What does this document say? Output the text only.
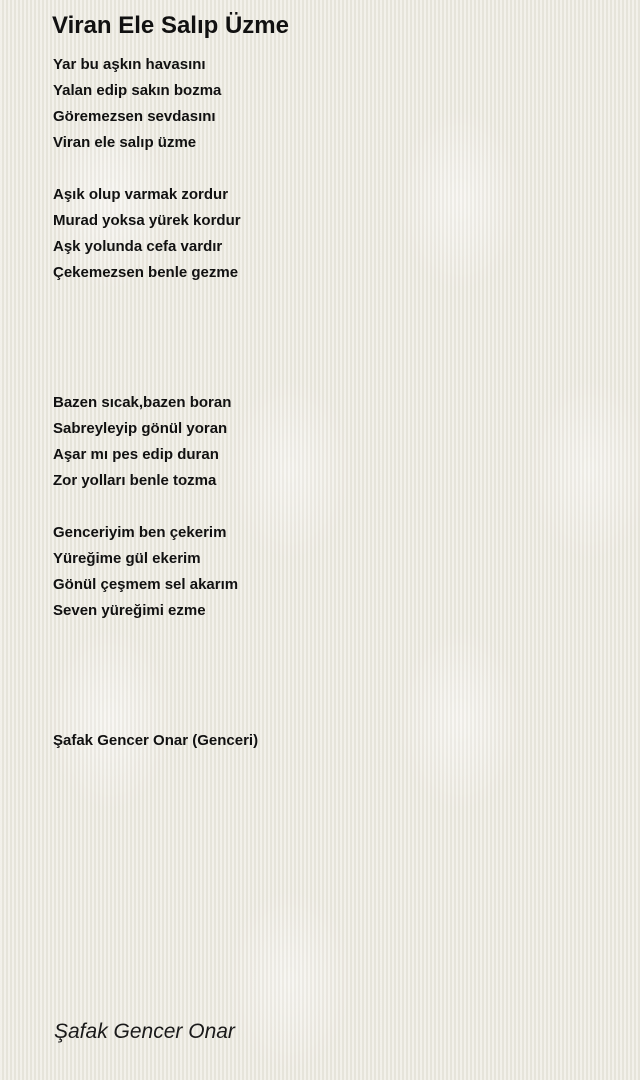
Viran Ele Salıp Üzme
Yar bu aşkın havasını
Yalan edip sakın bozma
Göremezsen sevdasını
Viran ele salıp üzme
Aşık olup varmak zordur
Murad yoksa yürek kordur
Aşk yolunda cefa vardır
Çekemezsen benle gezme
Bazen sıcak,bazen boran
Sabreyleyip gönül yoran
Aşar mı pes edip duran
Zor yolları benle tozma
Genceriyim ben çekerim
Yüreğime gül ekerim
Gönül çeşmem sel akarım
Seven yüreğimi ezme
Şafak Gencer Onar (Genceri)
Şafak Gencer Onar
